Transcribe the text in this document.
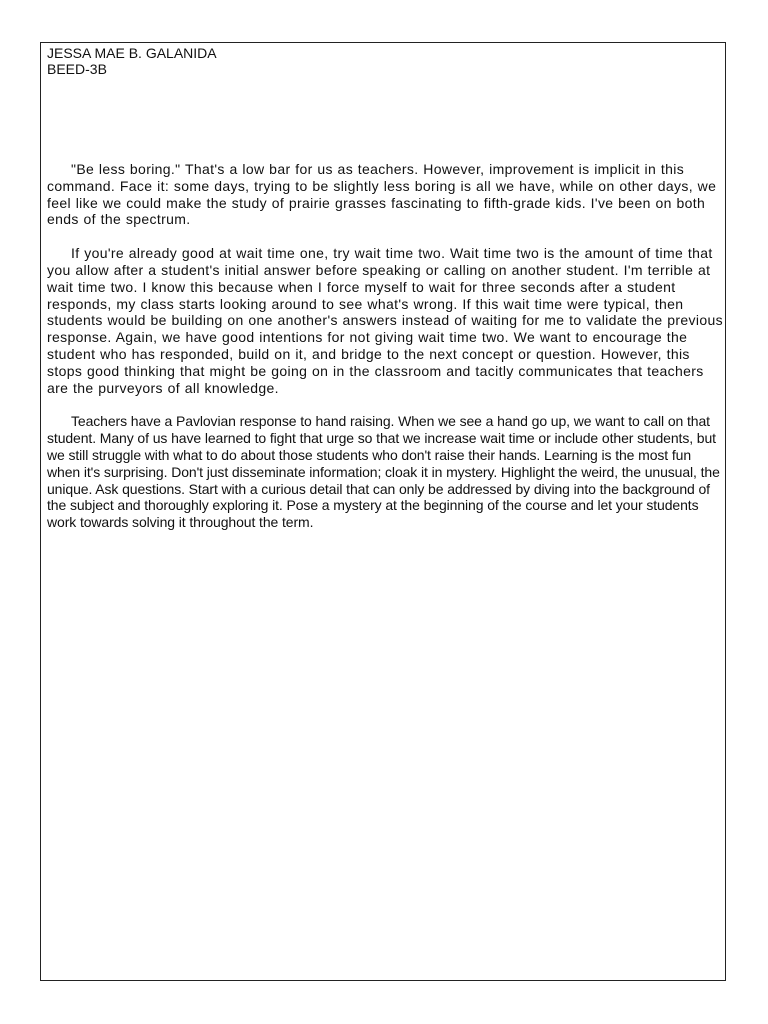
JESSA MAE B. GALANIDA
BEED-3B

"Be less boring." That's a low bar for us as teachers. However, improvement is implicit in this command. Face it: some days, trying to be slightly less boring is all we have, while on other days, we feel like we could make the study of prairie grasses fascinating to fifth-grade kids. I've been on both ends of the spectrum.

If you're already good at wait time one, try wait time two. Wait time two is the amount of time that you allow after a student's initial answer before speaking or calling on another student. I'm terrible at wait time two. I know this because when I force myself to wait for three seconds after a student responds, my class starts looking around to see what's wrong. If this wait time were typical, then students would be building on one another's answers instead of waiting for me to validate the previous response. Again, we have good intentions for not giving wait time two. We want to encourage the student who has responded, build on it, and bridge to the next concept or question. However, this stops good thinking that might be going on in the classroom and tacitly communicates that teachers are the purveyors of all knowledge.

Teachers have a Pavlovian response to hand raising. When we see a hand go up, we want to call on that student. Many of us have learned to fight that urge so that we increase wait time or include other students, but we still struggle with what to do about those students who don't raise their hands. Learning is the most fun when it's surprising. Don't just disseminate information; cloak it in mystery. Highlight the weird, the unusual, the unique. Ask questions. Start with a curious detail that can only be addressed by diving into the background of the subject and thoroughly exploring it. Pose a mystery at the beginning of the course and let your students work towards solving it throughout the term.
